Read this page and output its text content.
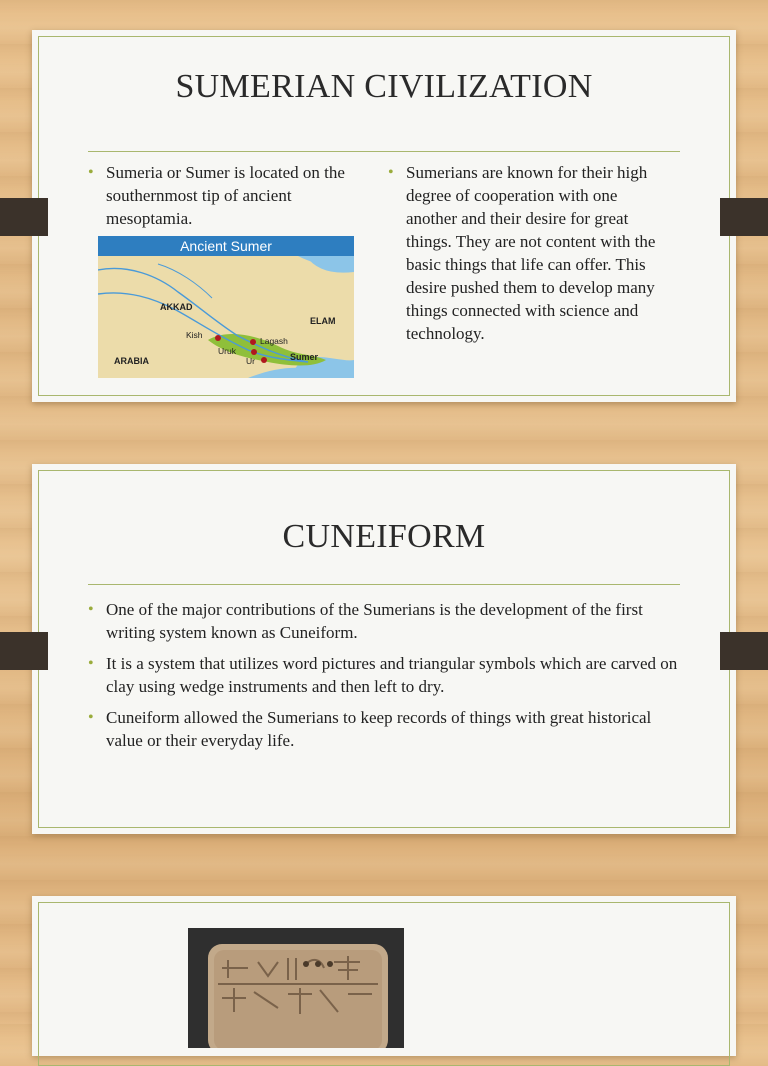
SUMERIAN CIVILIZATION
• Sumeria or Sumer is located on the southernmost tip of ancient mesoptamia.
Ancient Sumer
AKKAD
ELAM
ARABIA
Kish
Lagash
Uruk
Ur	Sumer
• Sumerians are known for their high degree of cooperation with one another and their desire for great things. They are not content with the basic things that life can offer. This desire pushed them to develop many things connected with science and technology.
CUNEIFORM
• One of the major contributions of the Sumerians is the development of the first writing system known as Cuneiform.
• It is a system that utilizes word pictures and triangular symbols which are carved on clay using wedge instruments and then left to dry.
• Cuneiform allowed the Sumerians to keep records of things with great historical value or their everyday life.
